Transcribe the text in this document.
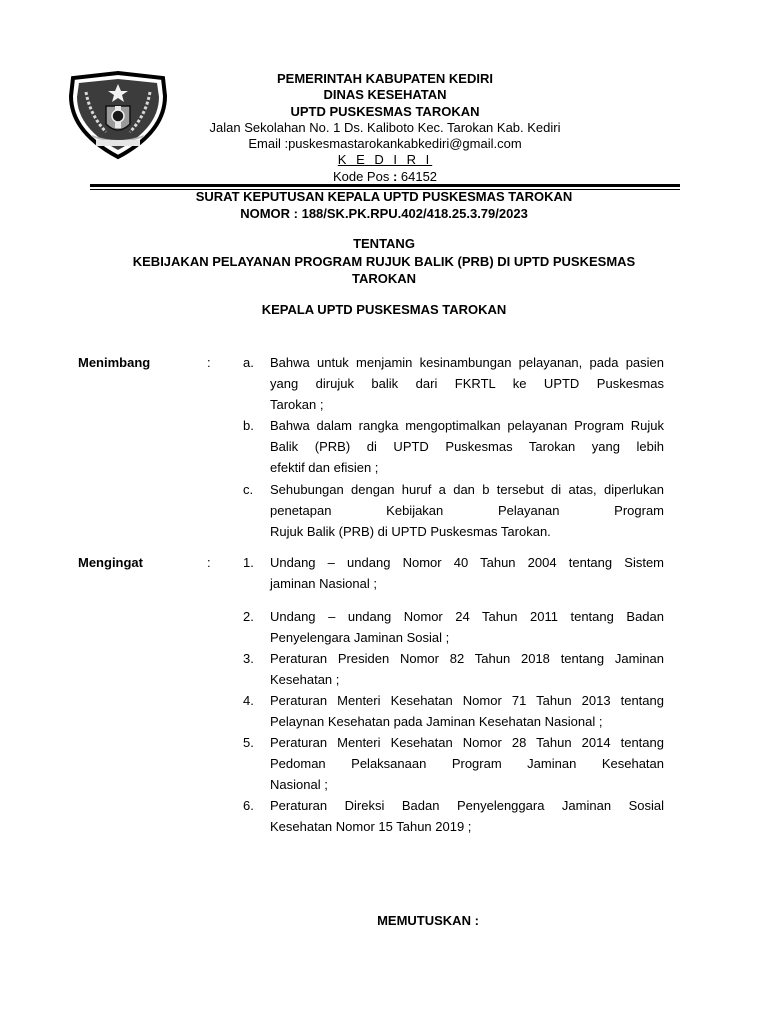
PEMERINTAH KABUPATEN KEDIRI
DINAS KESEHATAN
UPTD PUSKESMAS TAROKAN
Jalan Sekolahan No. 1 Ds. Kaliboto Kec. Tarokan Kab. Kediri
Email :puskesmastarokankabkediri@gmail.com
K E D I R I
Kode Pos : 64152
SURAT KEPUTUSAN KEPALA UPTD PUSKESMAS TAROKAN
NOMOR : 188/SK.PK.RPU.402/418.25.3.79/2023
TENTANG
KEBIJAKAN PELAYANAN PROGRAM RUJUK BALIK (PRB) DI UPTD PUSKESMAS
TAROKAN
KEPALA UPTD PUSKESMAS TAROKAN
Menimbang	: a.	Bahwa untuk menjamin kesinambungan pelayanan, pada pasien yang dirujuk balik dari FKRTL ke UPTD Puskesmas
Tarokan ;
b.	Bahwa dalam rangka mengoptimalkan pelayanan Program Rujuk Balik (PRB) di UPTD Puskesmas Tarokan yang lebih
efektif dan efisien ;
c.	Sehubungan dengan huruf a dan b tersebut di atas, diperlukan penetapan Kebijakan Pelayanan Program
Rujuk Balik (PRB) di UPTD Puskesmas Tarokan.
Mengingat	: 1.	Undang – undang Nomor 40 Tahun 2004 tentang Sistem
jaminan Nasional ;
2.	Undang – undang Nomor 24 Tahun 2011 tentang Badan
Penyelengara Jaminan Sosial ;
3.	Peraturan Presiden Nomor 82 Tahun 2018 tentang Jaminan
Kesehatan ;
4.	Peraturan Menteri Kesehatan Nomor 71 Tahun 2013 tentang
Pelaynan Kesehatan pada Jaminan Kesehatan Nasional ;
5.	Peraturan Menteri Kesehatan Nomor 28 Tahun 2014 tentang Pedoman Pelaksanaan Program Jaminan Kesehatan
Nasional ;
6.	Peraturan Direksi Badan Penyelenggara Jaminan Sosial
Kesehatan Nomor 15 Tahun 2019 ;
MEMUTUSKAN :
